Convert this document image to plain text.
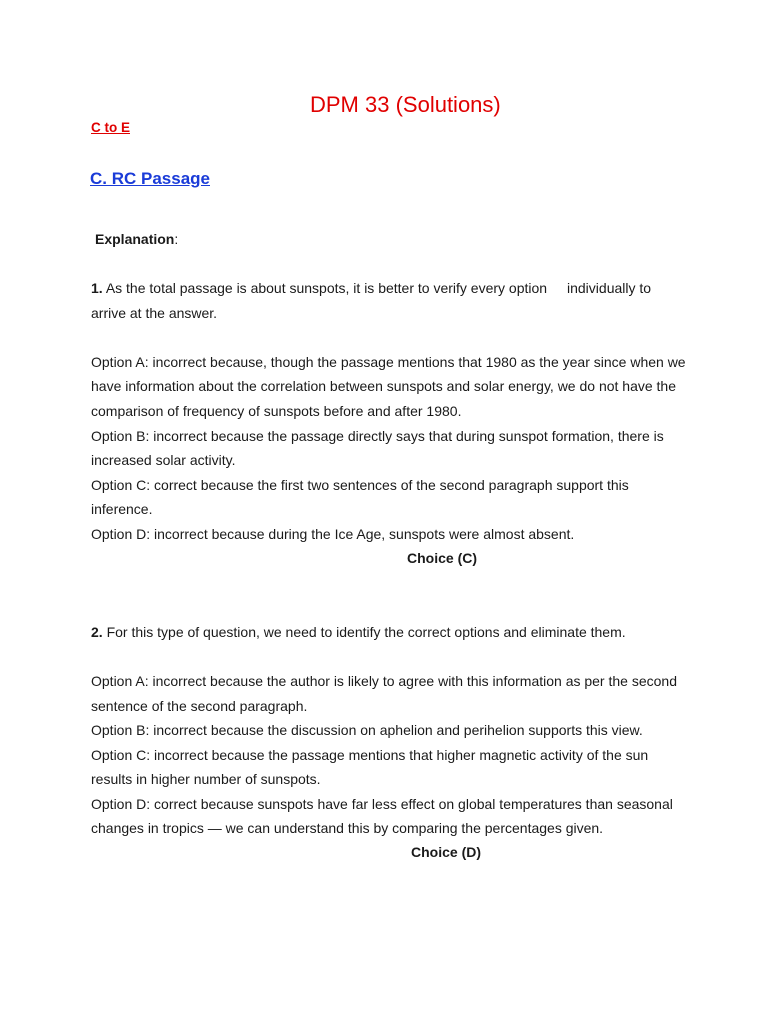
DPM 33 (Solutions)
C to E
C. RC Passage
Explanation:
1. As the total passage is about sunspots, it is better to verify every option individually to
arrive at the answer.
Option A: incorrect because, though the passage mentions that 1980 as the year since when we
have information about the correlation between sunspots and solar energy, we do not have the
comparison of frequency of sunspots before and after 1980.
Option B: incorrect because the passage directly says that during sunspot formation, there is
increased solar activity.
Option C: correct because the first two sentences of the second paragraph support this
inference.
Option D: incorrect because during the Ice Age, sunspots were almost absent.
Choice (C)
2. For this type of question, we need to identify the correct options and eliminate them.
Option A: incorrect because the author is likely to agree with this information as per the second
sentence of the second paragraph.
Option B: incorrect because the discussion on aphelion and perihelion supports this view.
Option C: incorrect because the passage mentions that higher magnetic activity of the sun
results in higher number of sunspots.
Option D: correct because sunspots have far less effect on global temperatures than seasonal
changes in tropics — we can understand this by comparing the percentages given.
Choice (D)
